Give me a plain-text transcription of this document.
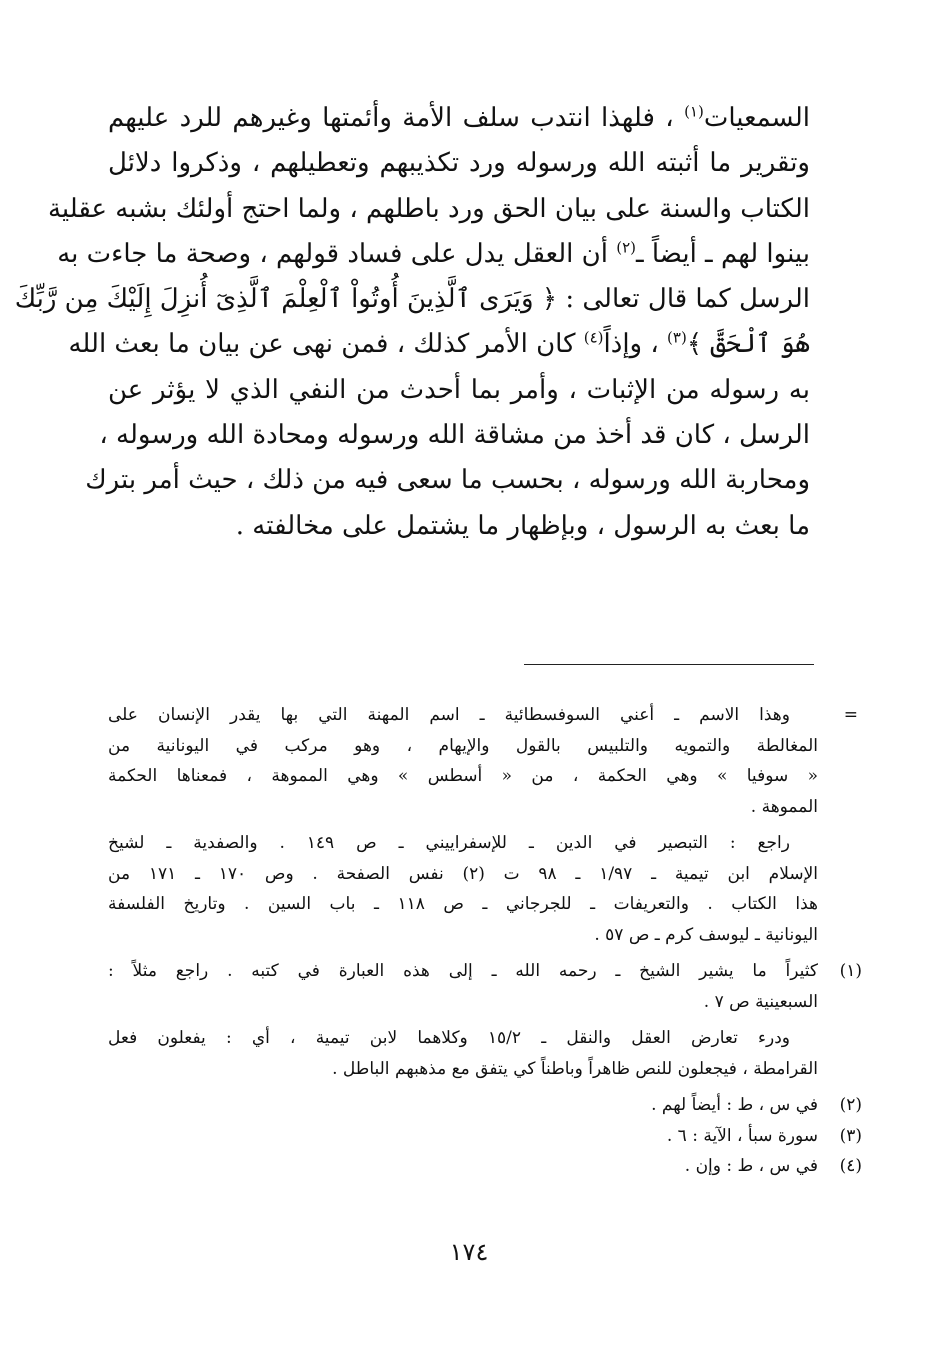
السمعيات$^{(١)}$ ، فلهذا انتدب سلف الأمة وأئمتها وغيرهم للرد عليهم
وتقرير ما أثبته الله ورسوله ورد تكذيبهم وتعطيلهم ، وذكروا دلائل
الكتاب والسنة على بيان الحق ورد باطلهم ، ولما احتج أولئك بشبه عقلية
بينوا لهم ـ أيضاً ـ$^{(٢)}$ أن العقل يدل على فساد قولهم ، وصحة ما جاءت به
الرسل كما قال تعالى : ﴿ وَيَرَى ٱلَّذِينَ أُوتُواْ ٱلْعِلْمَ ٱلَّذِىٓ أُنزِلَ إِلَيْكَ مِن رَّبِّكَ
هُوَ ٱلْحَقَّ ﴾$^{(٣)}$ ، وإذاً$^{(٤)}$ كان الأمر كذلك ، فمن نهى عن بيان ما بعث الله
به رسوله من الإثبات ، وأمر بما أحدث من النفي الذي لا يؤثر عن
الرسل ، كان قد أخذ من مشاقة الله ورسوله ومحادة الله ورسوله ،
ومحاربة الله ورسوله ، بحسب ما سعى فيه من ذلك ، حيث أمر بترك
ما بعث به الرسول ، وبإظهار ما يشتمل على مخالفته .
=
وهذا الاسم ـ أعني السوفسطائية ـ اسم المهنة التي بها يقدر الإنسان على
المغالطة والتمويه والتلبيس بالقول والإيهام ، وهو مركب في اليونانية من
« سوفيا » وهي الحكمة ، من « أسطس » وهي المموهة ، فمعناها الحكمة
المموهة .
راجع : التبصير في الدين ـ للإسفراييني ـ ص ١٤٩ . والصفدية ـ لشيخ
الإسلام ابن تيمية ـ ١/٩٧ ـ ٩٨ ت (٢) نفس الصفحة . وص ١٧٠ ـ ١٧١ من
هذا الكتاب . والتعريفات ـ للجرجاني ـ ص ١١٨ ـ باب السين . وتاريخ الفلسفة
اليونانية ـ ليوسف كرم ـ ص ٥٧ .
(١)
كثيراً ما يشير الشيخ ـ رحمه الله ـ إلى هذه العبارة في كتبه . راجع مثلاً :
السبعينية ص ٧ .
ودرء تعارض العقل والنقل ـ ١٥/٢ وكلاهما لابن تيمية ، أي : يفعلون فعل
القرامطة ، فيجعلون للنص ظاهراً وباطناً كي يتفق مع مذهبهم الباطل .
(٢)
في س ، ط : أيضاً لهم .
(٣)
سورة سبأ ، الآية : ٦ .
(٤)
في س ، ط : وإن .
١٧٤
